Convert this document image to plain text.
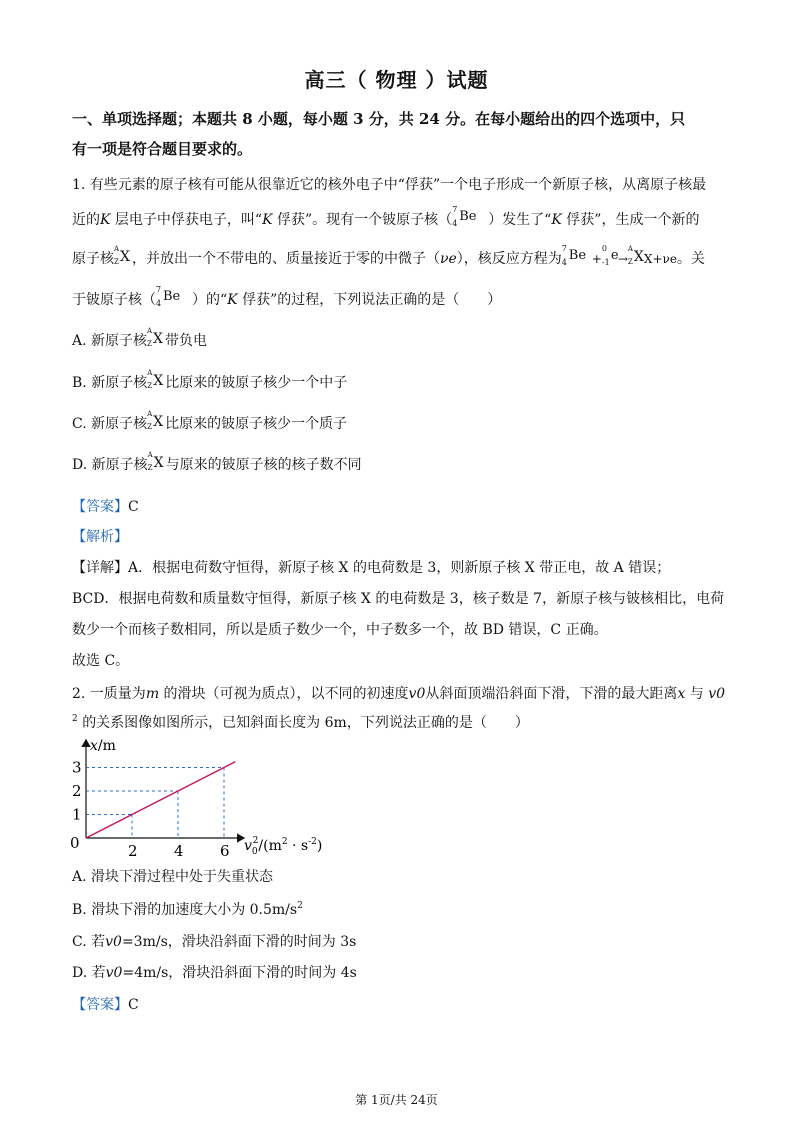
高三（ 物理 ）试题
一、单项选择题；本题共 8 小题，每小题 3 分，共 24 分。在每小题给出的四个选项中，只
有一项是符合题目要求的。
1. 有些元素的原子核有可能从很靠近它的核外电子中“俘获”一个电子形成一个新原子核，从离原子核最
近的K 层电子中俘获电子，叫“K 俘获”。现有一个铍原子核（
7
4 Be ）发生了“K 俘获”，生成一个新的
原子核
A
Z X ，并放出一个不带电的、质量接近于零的中微子（νe），核反应方程为
7
4 Be +
0
-1 e →
A
Z X X+νe。关
于铍原子核（
7
4 Be ）的“K 俘获”的过程，下列说法正确的是（　　）
A. 新原子核
A
Z X 带负电
B. 新原子核
A
Z X 比原来的铍原子核少一个中子
C. 新原子核
A
Z X 比原来的铍原子核少一个质子
D. 新原子核
A
Z X 与原来的铍原子核的核子数不同
【答案】C
【解析】
【详解】A．根据电荷数守恒得，新原子核 X 的电荷数是 3，则新原子核 X 带正电，故 A 错误；
BCD．根据电荷数和质量数守恒得，新原子核 X 的电荷数是 3，核子数是 7，新原子核与铍核相比，电荷
数少一个而核子数相同，所以是质子数少一个，中子数多一个，故 BD 错误，C 正确。
故选 C。
2. 一质量为m 的滑块（可视为质点），以不同的初速度v0从斜面顶端沿斜面下滑，下滑的最大距离x 与 v0
$^2$ 的关系图像如图所示，已知斜面长度为 6m，下列说法正确的是（　　）
2 4 6
1
2
3
x/m
0	$v_02/(m^2 \cdot s^{-2})$
A. 滑块下滑过程中处于失重状态
B. 滑块下滑的加速度大小为 $0.5m/s^2$
C. 若v0=3m/s，滑块沿斜面下滑的时间为 3s
D. 若v0=4m/s，滑块沿斜面下滑的时间为 4s
【答案】C
第 1页/共 24页
